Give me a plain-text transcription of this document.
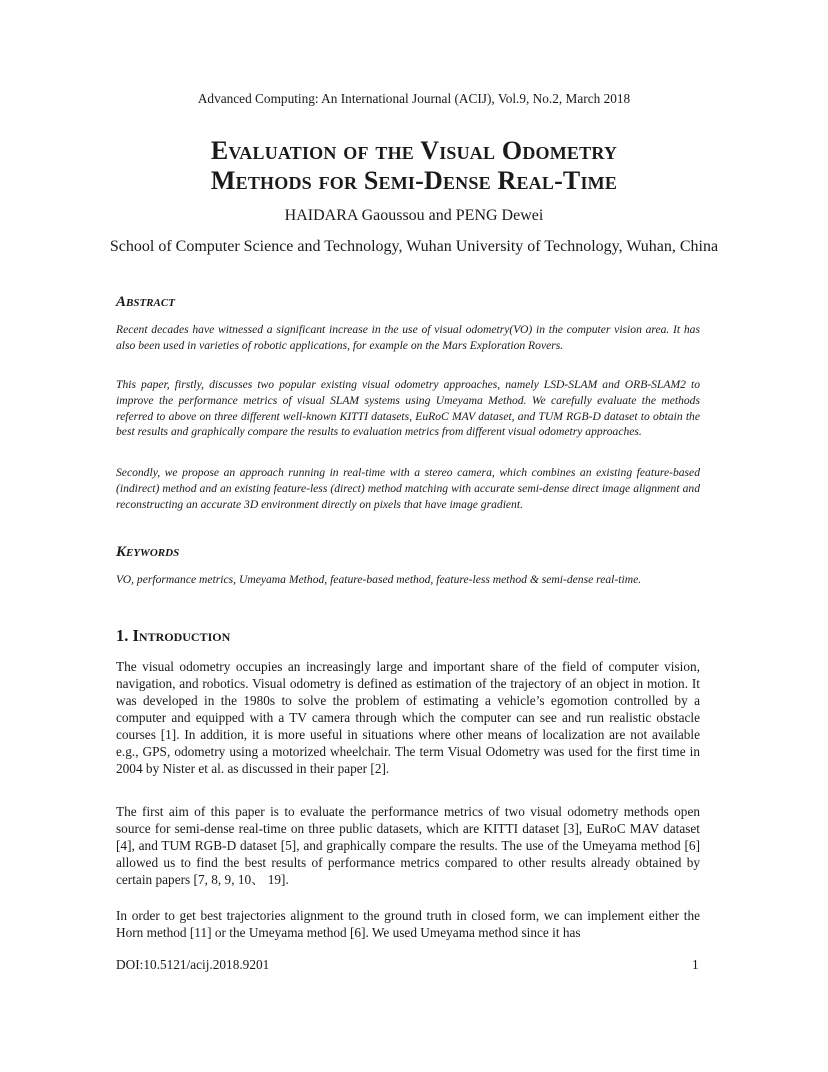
Advanced Computing: An International Journal (ACIJ), Vol.9, No.2, March 2018
Evaluation of the Visual Odometry
Methods for Semi-Dense Real-Time
HAIDARA Gaoussou and PENG Dewei
School of Computer Science and Technology, Wuhan University of Technology, Wuhan, China
Abstract
Recent decades have witnessed a significant increase in the use of visual odometry(VO) in the computer vision area. It has also been used in varieties of robotic applications, for example on the Mars Exploration Rovers.
This paper, firstly, discusses two popular existing visual odometry approaches, namely LSD-SLAM and ORB-SLAM2 to improve the performance metrics of visual SLAM systems using Umeyama Method. We carefully evaluate the methods referred to above on three different well-known KITTI datasets, EuRoC MAV dataset, and TUM RGB-D dataset to obtain the best results and graphically compare the results to evaluation metrics from different visual odometry approaches.
Secondly, we propose an approach running in real-time with a stereo camera, which combines an existing feature-based (indirect) method and an existing feature-less (direct) method matching with accurate semi-dense direct image alignment and reconstructing an accurate 3D environment directly on pixels that have image gradient.
Keywords
VO, performance metrics, Umeyama Method, feature-based method, feature-less method & semi-dense real-time.
1. Introduction
The visual odometry occupies an increasingly large and important share of the field of computer vision, navigation, and robotics. Visual odometry is defined as estimation of the trajectory of an object in motion. It was developed in the 1980s to solve the problem of estimating a vehicle’s egomotion controlled by a computer and equipped with a TV camera through which the computer can see and run realistic obstacle courses [1]. In addition, it is more useful in situations where other means of localization are not available e.g., GPS, odometry using a motorized wheelchair. The term Visual Odometry was used for the first time in 2004 by Nister et al. as discussed in their paper [2].
The first aim of this paper is to evaluate the performance metrics of two visual odometry methods open source for semi-dense real-time on three public datasets, which are KITTI dataset [3], EuRoC MAV dataset [4], and TUM RGB-D dataset [5], and graphically compare the results. The use of the Umeyama method [6] allowed us to find the best results of performance metrics compared to other results already obtained by certain papers [7, 8, 9, 10、 19].
In order to get best trajectories alignment to the ground truth in closed form, we can implement either the Horn method [11] or the Umeyama method [6]. We used Umeyama method since it has
DOI:10.5121/acij.2018.9201	1
